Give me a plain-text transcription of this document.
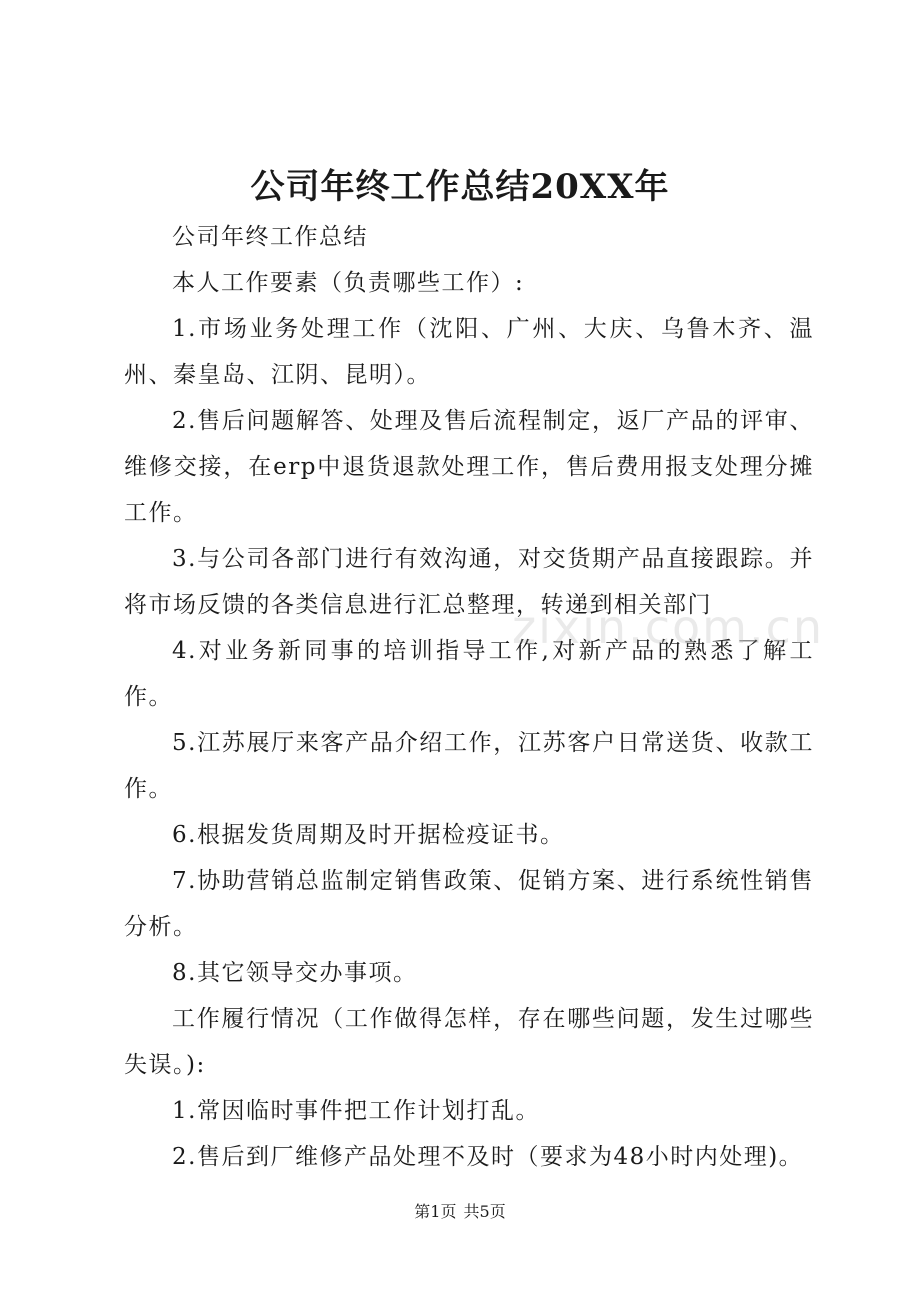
公司年终工作总结20XX年

公司年终工作总结

本人工作要素（负责哪些工作）:

1.市场业务处理工作（沈阳、广州、大庆、乌鲁木齐、温州、秦皇岛、江阴、昆明）。

2.售后问题解答、处理及售后流程制定，返厂产品的评审、维修交接，在erp中退货退款处理工作，售后费用报支处理分摊工作。

3.与公司各部门进行有效沟通，对交货期产品直接跟踪。并将市场反馈的各类信息进行汇总整理，转递到相关部门

4.对业务新同事的培训指导工作,对新产品的熟悉了解工作。

5.江苏展厅来客产品介绍工作，江苏客户日常送货、收款工作。

6.根据发货周期及时开据检疫证书。

7.协助营销总监制定销售政策、促销方案、进行系统性销售分析。

8.其它领导交办事项。

工作履行情况（工作做得怎样，存在哪些问题，发生过哪些失误。):

1.常因临时事件把工作计划打乱。

2.售后到厂维修产品处理不及时（要求为48小时内处理)。

zixin.com.cn
第1页 共5页
